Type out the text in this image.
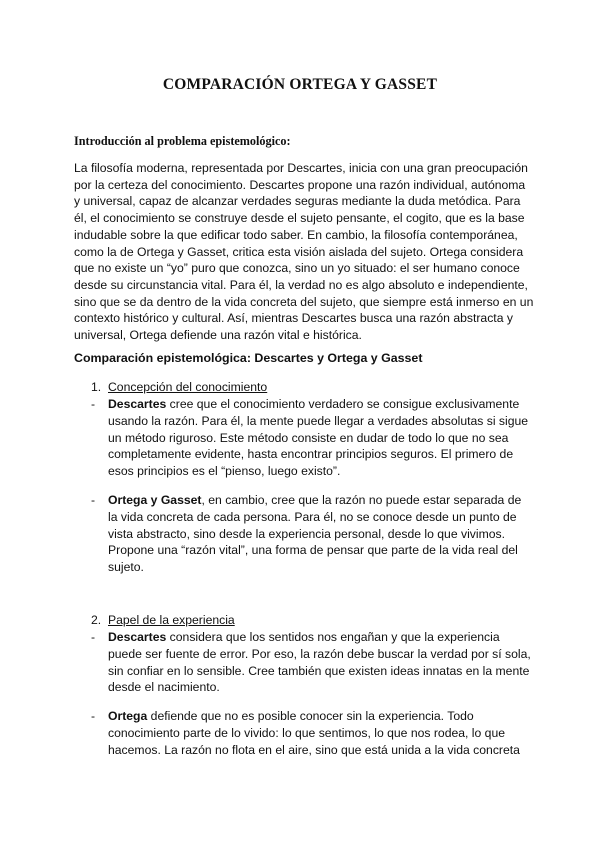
COMPARACIÓN ORTEGA Y GASSET
Introducción al problema epistemológico:

La filosofía moderna, representada por Descartes, inicia con una gran preocupación por la certeza del conocimiento. Descartes propone una razón individual, autónoma y universal, capaz de alcanzar verdades seguras mediante la duda metódica. Para él, el conocimiento se construye desde el sujeto pensante, el cogito, que es la base indudable sobre la que edificar todo saber. En cambio, la filosofía contemporánea, como la de Ortega y Gasset, critica esta visión aislada del sujeto. Ortega considera que no existe un “yo” puro que conozca, sino un yo situado: el ser humano conoce desde su circunstancia vital. Para él, la verdad no es algo absoluto e independiente, sino que se da dentro de la vida concreta del sujeto, que siempre está inmerso en un contexto histórico y cultural. Así, mientras Descartes busca una razón abstracta y universal, Ortega defiende una razón vital e histórica.

Comparación epistemológica: Descartes y Ortega y Gasset
1. Concepción del conocimiento
- Descartes cree que el conocimiento verdadero se consigue exclusivamente usando la razón. Para él, la mente puede llegar a verdades absolutas si sigue un método riguroso. Este método consiste en dudar de todo lo que no sea completamente evidente, hasta encontrar principios seguros. El primero de esos principios es el “pienso, luego existo”.
- Ortega y Gasset, en cambio, cree que la razón no puede estar separada de la vida concreta de cada persona. Para él, no se conoce desde un punto de vista abstracto, sino desde la experiencia personal, desde lo que vivimos. Propone una “razón vital”, una forma de pensar que parte de la vida real del sujeto.
2. Papel de la experiencia
- Descartes considera que los sentidos nos engañan y que la experiencia puede ser fuente de error. Por eso, la razón debe buscar la verdad por sí sola, sin confiar en lo sensible. Cree también que existen ideas innatas en la mente desde el nacimiento.
- Ortega defiende que no es posible conocer sin la experiencia. Todo conocimiento parte de lo vivido: lo que sentimos, lo que nos rodea, lo que hacemos. La razón no flota en el aire, sino que está unida a la vida concreta
